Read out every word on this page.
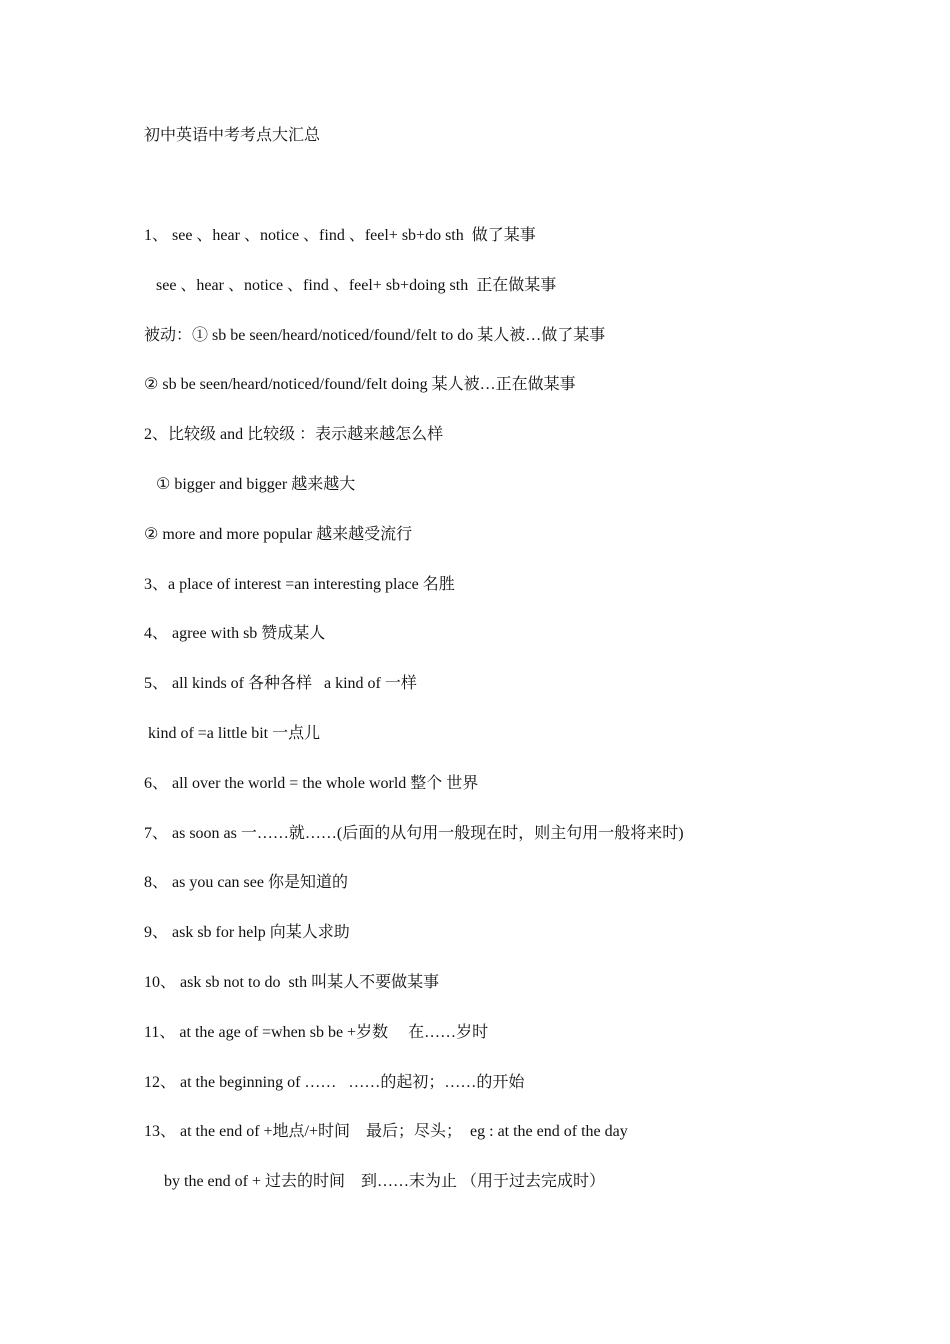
初中英语中考考点大汇总
1、 see 、hear 、notice 、find 、feel+ sb+do sth  做了某事
see 、hear 、notice 、find 、feel+ sb+doing sth  正在做某事
被动：① sb be seen/heard/noticed/found/felt to do 某人被…做了某事
② sb be seen/heard/noticed/found/felt doing 某人被…正在做某事
2、比较级 and 比较级 ：表示越来越怎么样
① bigger and bigger 越来越大
② more and more popular 越来越受流行
3、a place of interest =an interesting place 名胜
4、 agree with sb 赞成某人
5、 all kinds of 各种各样   a kind of 一样
kind of =a little bit 一点儿
6、 all over the world = the whole world 整个 世界
7、 as soon as 一……就……(后面的从句用一般现在时，则主句用一般将来时)
8、 as you can see 你是知道的
9、 ask sb for help 向某人求助
10、 ask sb not to do  sth 叫某人不要做某事
11、 at the age of =when sb be +岁数     在……岁时
12、 at the beginning of ……   ……的起初；……的开始
13、 at the end of +地点/+时间    最后；尽头；  eg : at the end of the day
by the end of + 过去的时间    到……末为止 （用于过去完成时）
